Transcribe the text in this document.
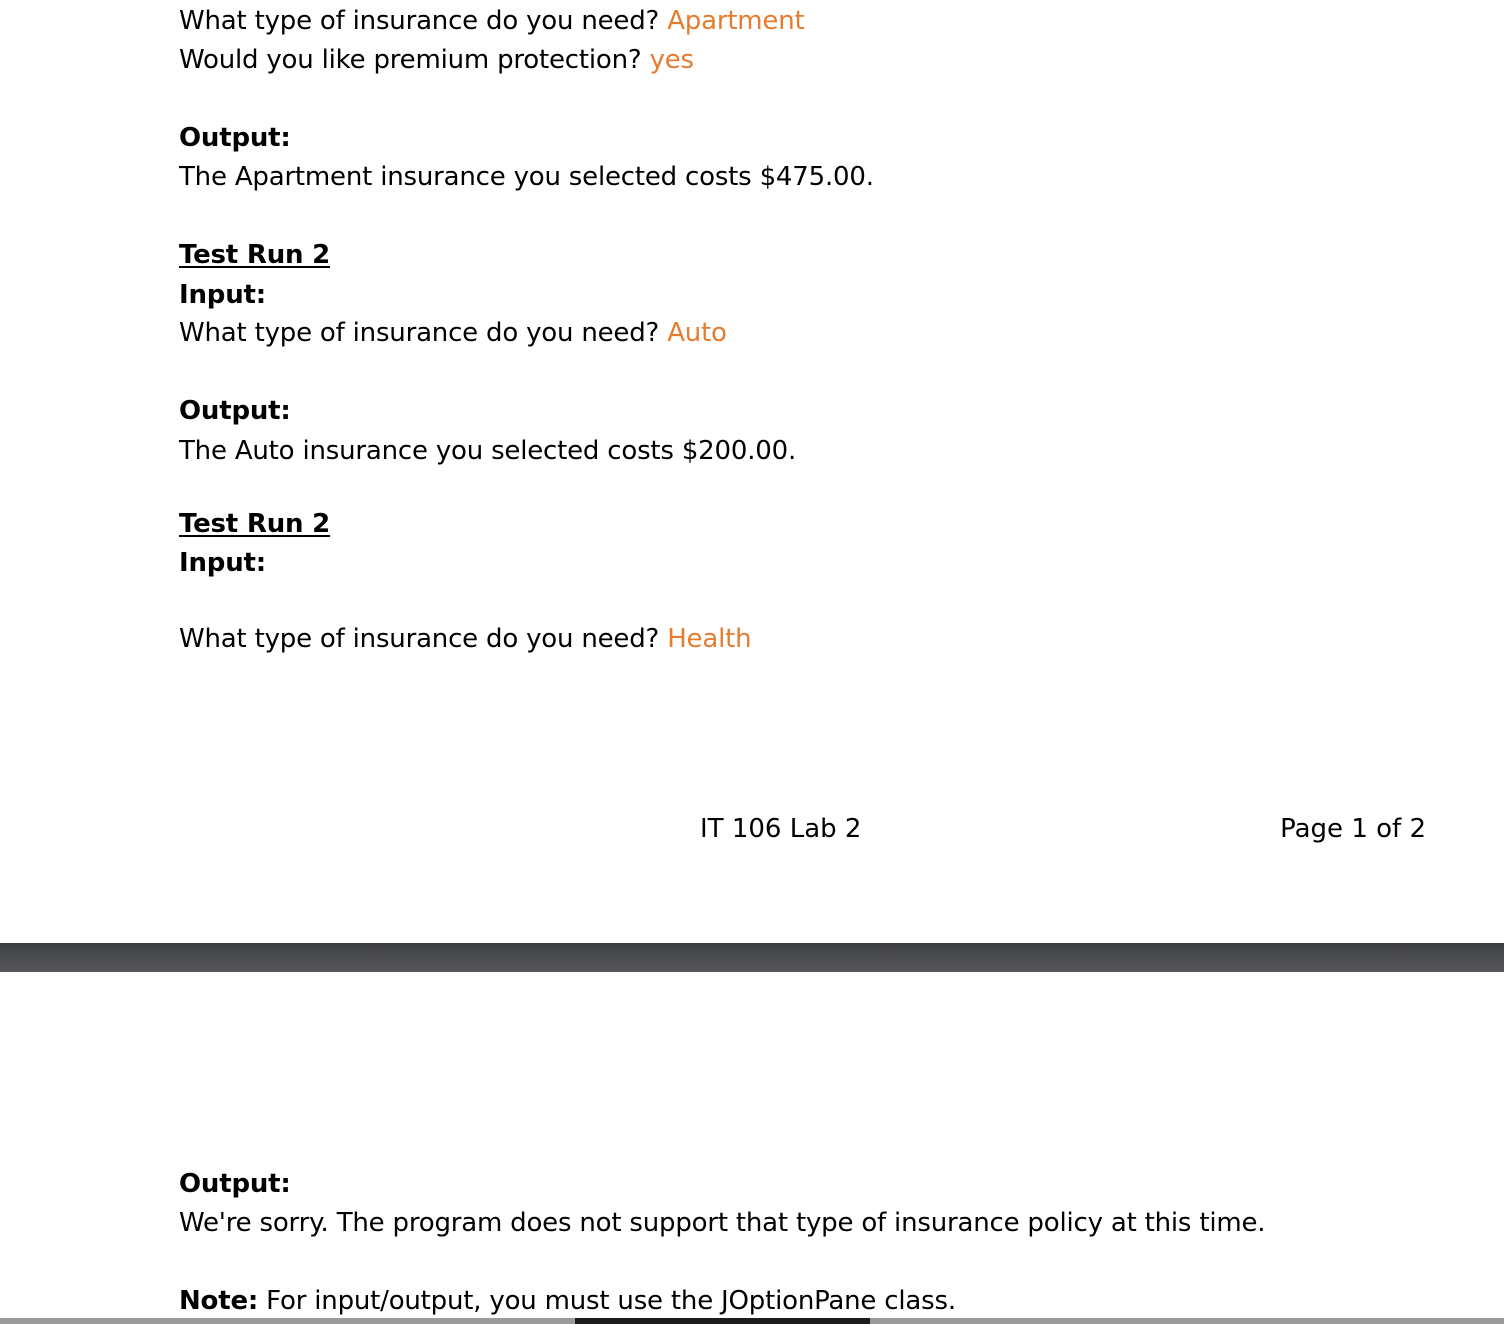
What type of insurance do you need? Apartment
Would you like premium protection? yes
Output:
The Apartment insurance you selected costs $475.00.
Test Run 2
Input:
What type of insurance do you need? Auto
Output:
The Auto insurance you selected costs $200.00.
Test Run 2
Input:
What type of insurance do you need? Health
IT 106 Lab 2	Page 1 of 2
Output:
We're sorry. The program does not support that type of insurance policy at this time.
Note: For input/output, you must use the JOptionPane class.
